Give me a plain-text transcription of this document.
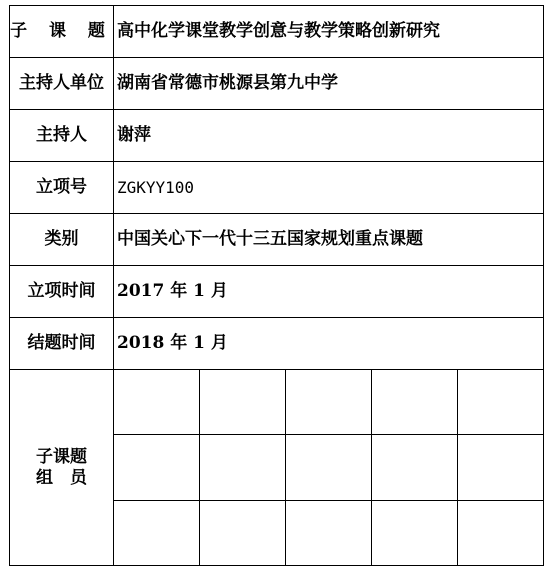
子 课 题	高中化学课堂教学创意与教学策略创新研究
主持人单位	湖南省常德市桃源县第九中学
主持人	谢萍
立项号	ZGKYY100
类别	中国关心下一代十三五国家规划重点课题
立项时间	2017 年 1 月
结题时间	2018 年 1 月

子课题
组　员
